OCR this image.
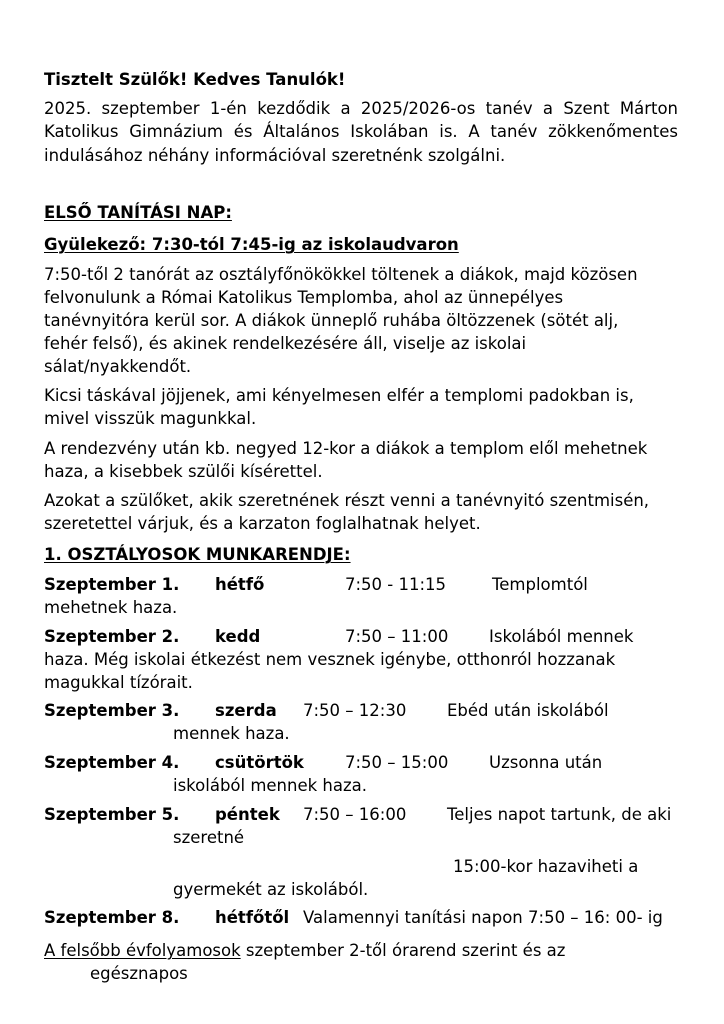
Tisztelt Szülők! Kedves Tanulók!
2025. szeptember 1-én kezdődik a 2025/2026-os tanév a Szent Márton
Katolikus Gimnázium és Általános Iskolában is. A tanév zökkenőmentes
indulásához néhány információval szeretnénk szolgálni.
ELSŐ TANÍTÁSI NAP:
Gyülekező: 7:30-tól 7:45-ig az iskolaudvaron
7:50-től 2 tanórát az osztályfőnökökkel töltenek a diákok, majd közösen
felvonulunk a Római Katolikus Templomba, ahol az ünnepélyes
tanévnyitóra kerül sor. A diákok ünneplő ruhába öltözzenek (sötét alj,
fehér felső), és akinek rendelkezésére áll, viselje az iskolai
sálat/nyakkendőt.
Kicsi táskával jöjjenek, ami kényelmesen elfér a templomi padokban is,
mivel visszük magunkkal.
A rendezvény után kb. negyed 12-kor a diákok a templom elől mehetnek
haza, a kisebbek szülői kísérettel.
Azokat a szülőket, akik szeretnének részt venni a tanévnyitó szentmisén,
szeretettel várjuk, és a karzaton foglalhatnak helyet.
1. OSZTÁLYOSOK MUNKARENDJE:
Szeptember 1. hétfő	7:50 - 11:15	Templomtól
mehetnek haza.
Szeptember 2. kedd	7:50 – 11:00 Iskolából mennek
haza. Még iskolai étkezést nem vesznek igénybe, otthonról hozzanak
magukkal tízórait.
Szeptember 3. szerda 7:50 – 12:30 Ebéd után iskolából
mennek haza.
Szeptember 4. csütörtök 7:50 – 15:00 Uzsonna után
iskolából mennek haza.
Szeptember 5. péntek 7:50 – 16:00 Teljes napot tartunk, de aki
szeretné
15:00-kor hazaviheti a
gyermekét az iskolából.
Szeptember 8. hétfőtől Valamennyi tanítási napon 7:50 – 16: 00- ig
A felsőbb évfolyamosok szeptember 2-től órarend szerint és az
egésznapos
